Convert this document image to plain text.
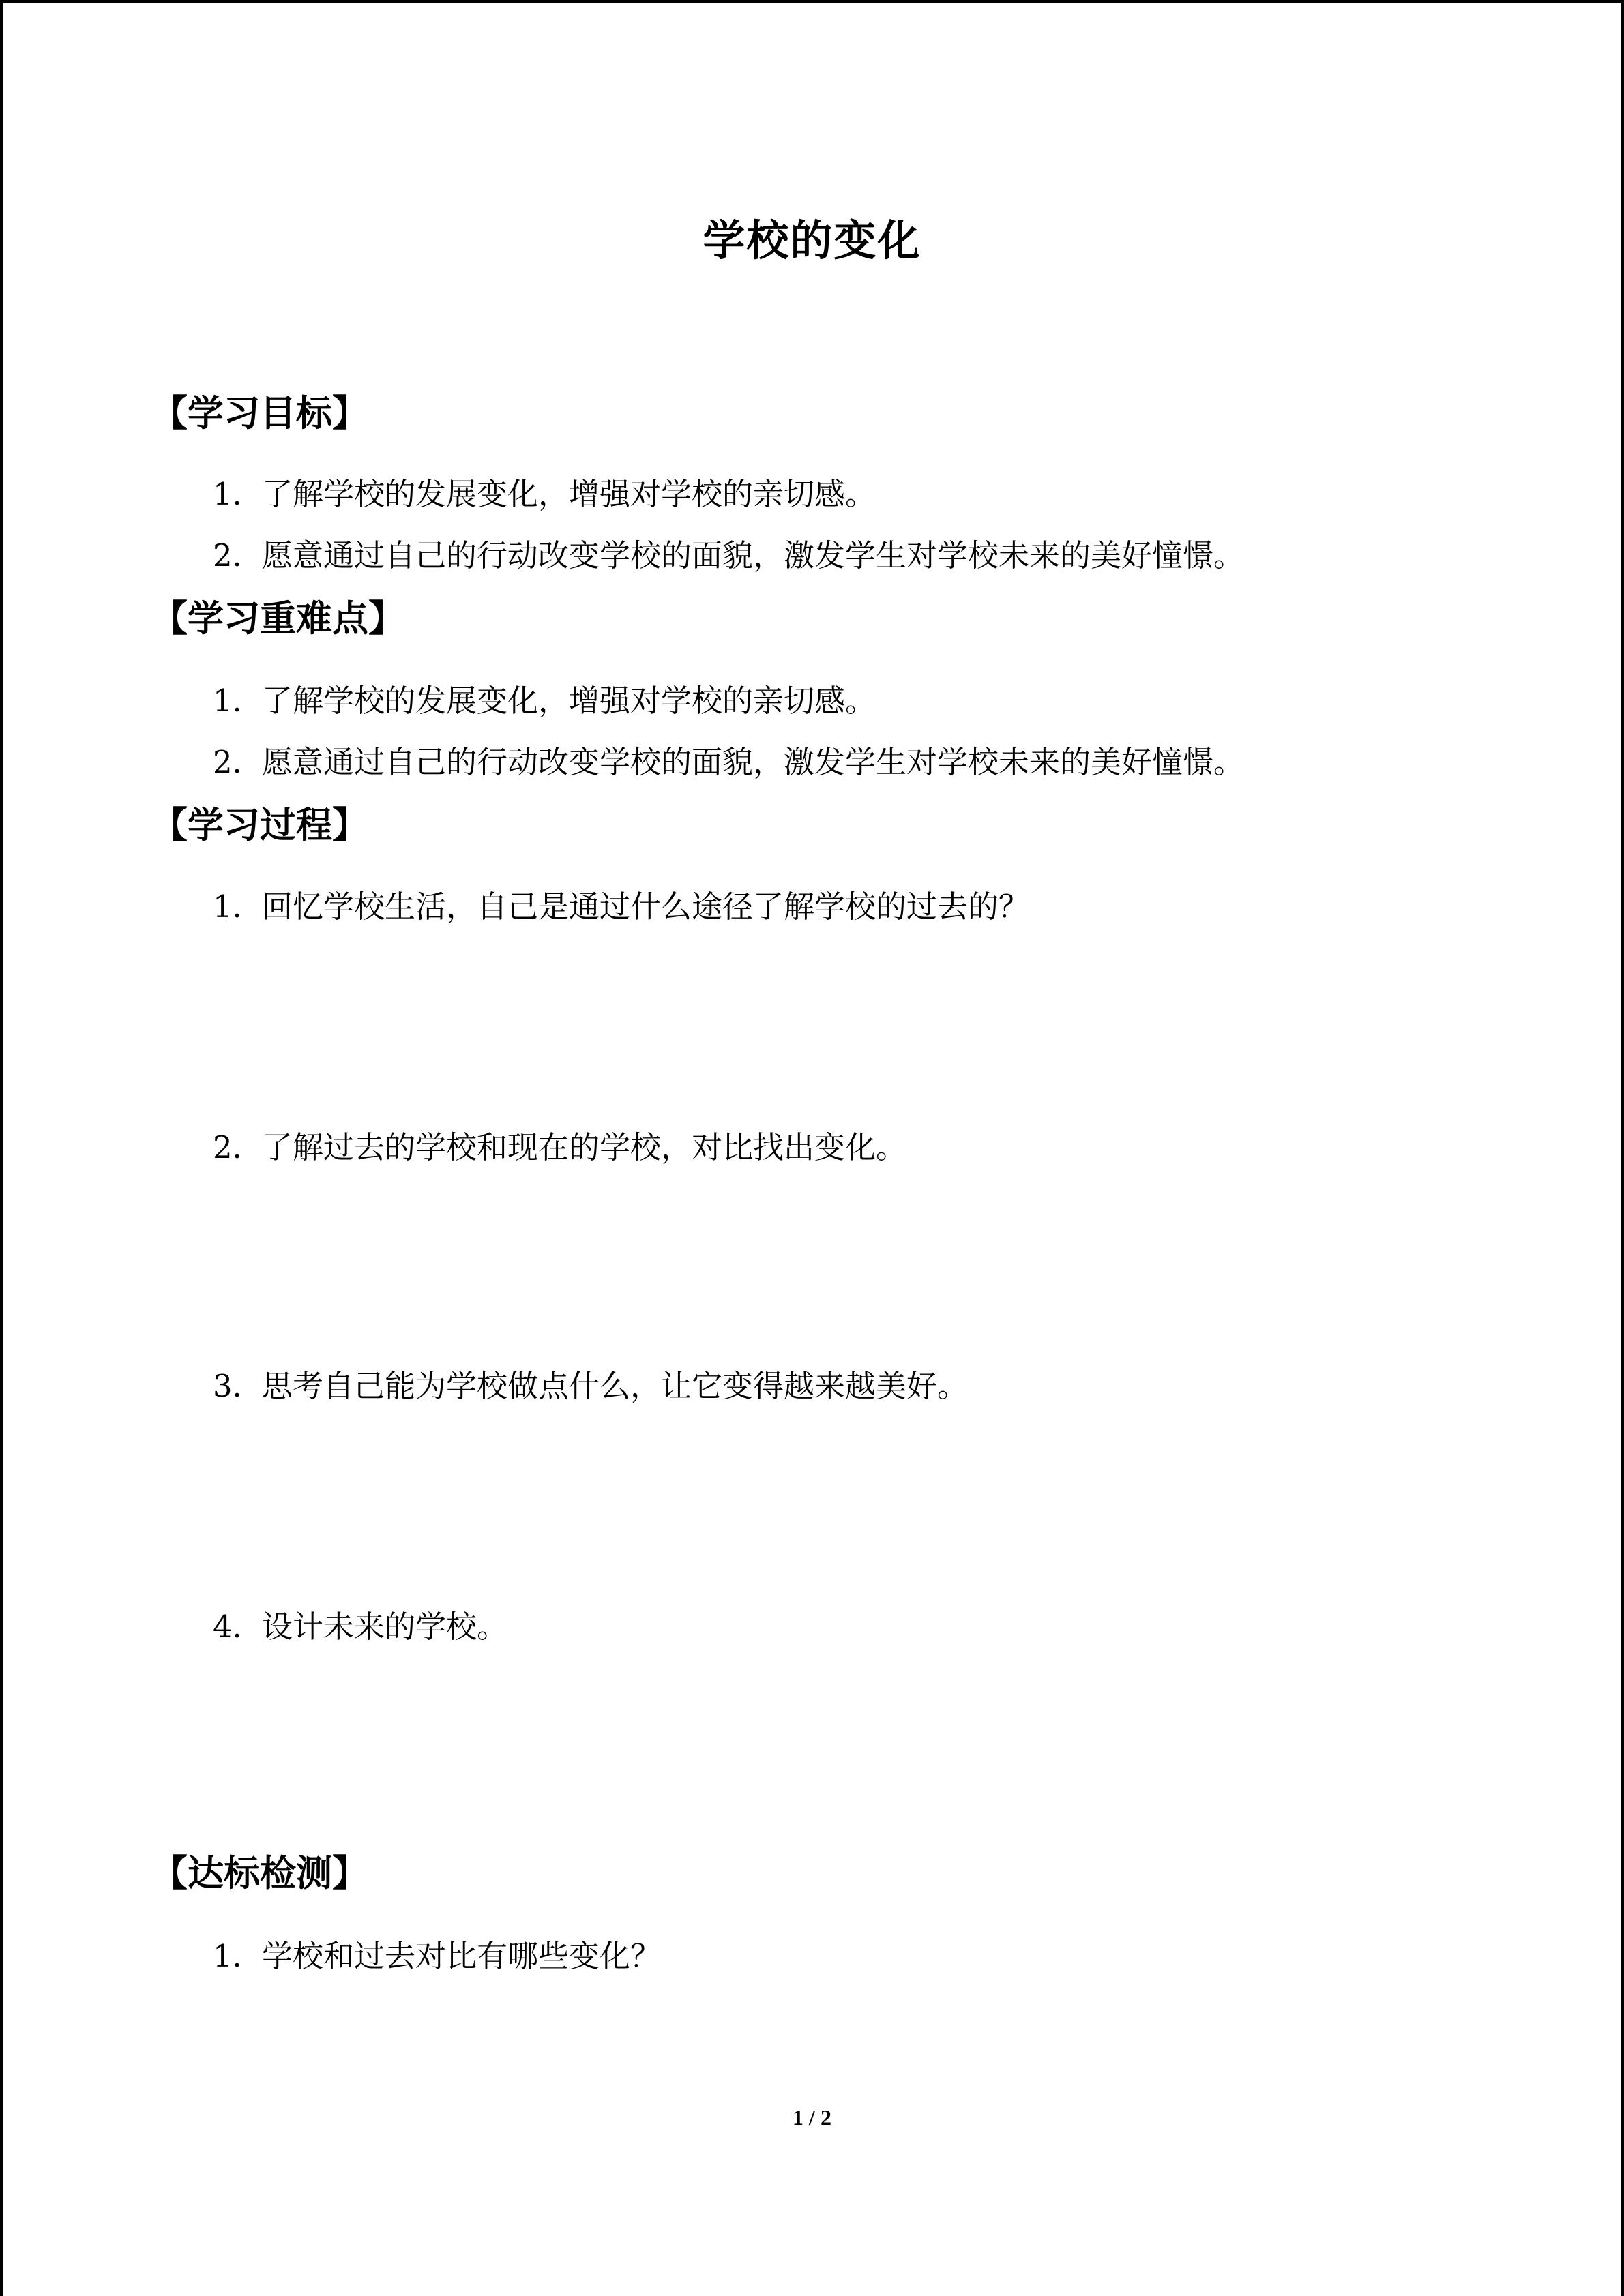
学校的变化
【学习目标】
1．了解学校的发展变化，增强对学校的亲切感。
2．愿意通过自己的行动改变学校的面貌，激发学生对学校未来的美好憧憬。
【学习重难点】
1．了解学校的发展变化，增强对学校的亲切感。
2．愿意通过自己的行动改变学校的面貌，激发学生对学校未来的美好憧憬。
【学习过程】
1．回忆学校生活，自己是通过什么途径了解学校的过去的？
2．了解过去的学校和现在的学校，对比找出变化。
3．思考自己能为学校做点什么，让它变得越来越美好。
4．设计未来的学校。
【达标检测】
1．学校和过去对比有哪些变化？
1 / 2
